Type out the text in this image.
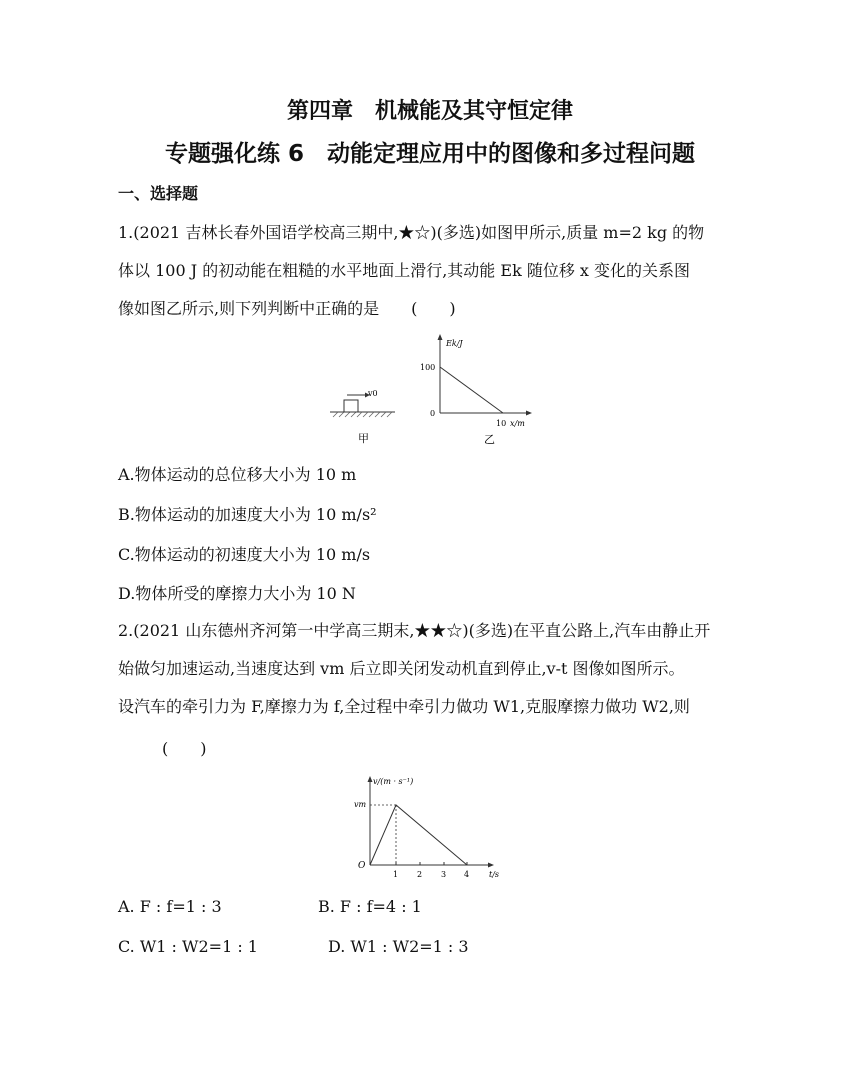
第四章　机械能及其守恒定律
专题强化练 6　动能定理应用中的图像和多过程问题
一、选择题
1.(2021 吉林长春外国语学校高三期中,★☆)(多选)如图甲所示,质量 m=2 kg 的物
体以 100 J 的初动能在粗糙的水平地面上滑行,其动能 Ek 随位移 x 变化的关系图
像如图乙所示,则下列判断中正确的是　　(　　)
v0
甲
Ek/J
100
0
10 x/m
乙
A.物体运动的总位移大小为 10 m
B.物体运动的加速度大小为 10 m/s²
C.物体运动的初速度大小为 10 m/s
D.物体所受的摩擦力大小为 10 N
2.(2021 山东德州齐河第一中学高三期末,★★☆)(多选)在平直公路上,汽车由静止开
始做匀加速运动,当速度达到 vm 后立即关闭发动机直到停止,v-t 图像如图所示。
设汽车的牵引力为 F,摩擦力为 f,全过程中牵引力做功 W1,克服摩擦力做功 W2,则
(　　)
v/(m · s⁻¹)
vm
O
1 2 3 4 t/s
A. F : f=1 : 3	B. F : f=4 : 1
C. W1 : W2=1 : 1	D. W1 : W2=1 : 3
